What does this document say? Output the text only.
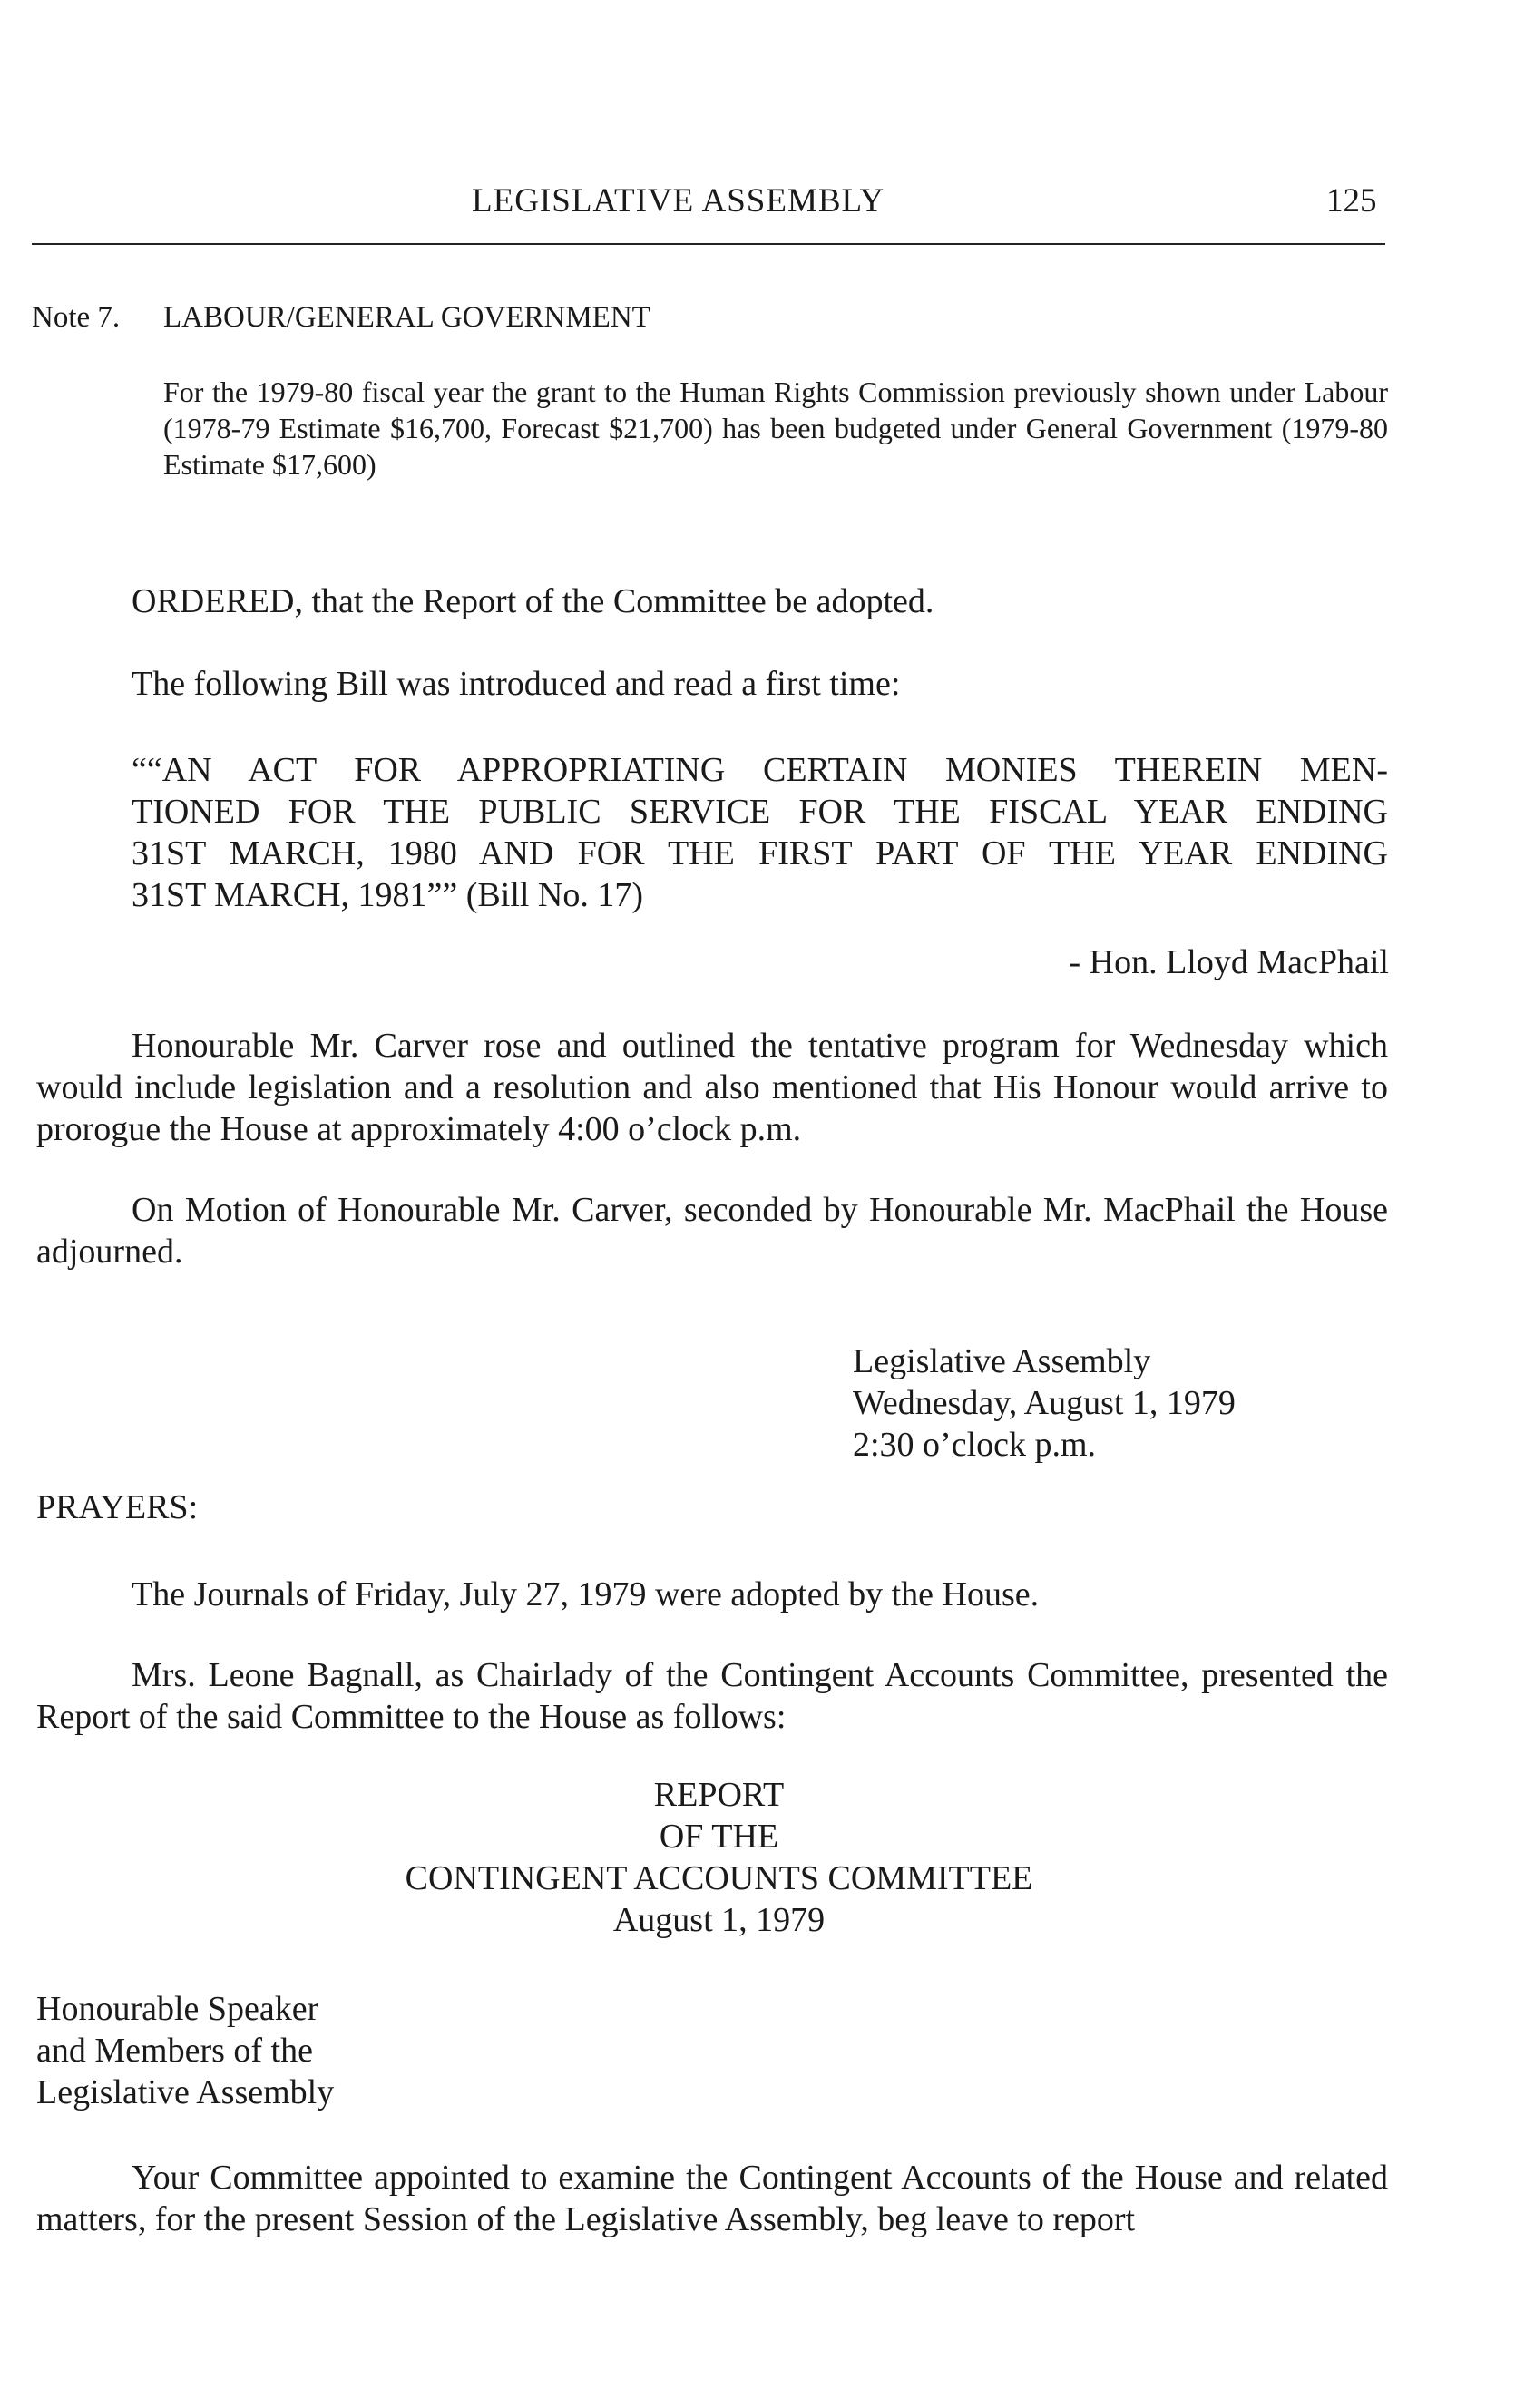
LEGISLATIVE ASSEMBLY	125
Note 7. LABOUR/GENERAL GOVERNMENT
For the 1979-80 fiscal year the grant to the Human Rights Commission previously shown under Labour (1978-79 Estimate $16,700, Forecast $21,700) has been budgeted under General Government (1979-80 Estimate $17,600)
ORDERED, that the Report of the Committee be adopted.
The following Bill was introduced and read a first time:
““AN ACT FOR APPROPRIATING CERTAIN MONIES THEREIN MEN-
TIONED FOR THE PUBLIC SERVICE FOR THE FISCAL YEAR ENDING
31ST MARCH, 1980 AND FOR THE FIRST PART OF THE YEAR ENDING
31ST MARCH, 1981”” (Bill No. 17)
- Hon. Lloyd MacPhail
Honourable Mr. Carver rose and outlined the tentative program for Wednesday which would include legislation and a resolution and also mentioned that His Honour would arrive to prorogue the House at approximately 4:00 o’clock p.m.
On Motion of Honourable Mr. Carver, seconded by Honourable Mr. MacPhail the House adjourned.
Legislative Assembly
Wednesday, August 1, 1979
2:30 o’clock p.m.
PRAYERS:
The Journals of Friday, July 27, 1979 were adopted by the House.
Mrs. Leone Bagnall, as Chairlady of the Contingent Accounts Committee, presented the Report of the said Committee to the House as follows:
REPORT
OF THE
CONTINGENT ACCOUNTS COMMITTEE
August 1, 1979
Honourable Speaker
and Members of the
Legislative Assembly
Your Committee appointed to examine the Contingent Accounts of the House and related matters, for the present Session of the Legislative Assembly, beg leave to report
